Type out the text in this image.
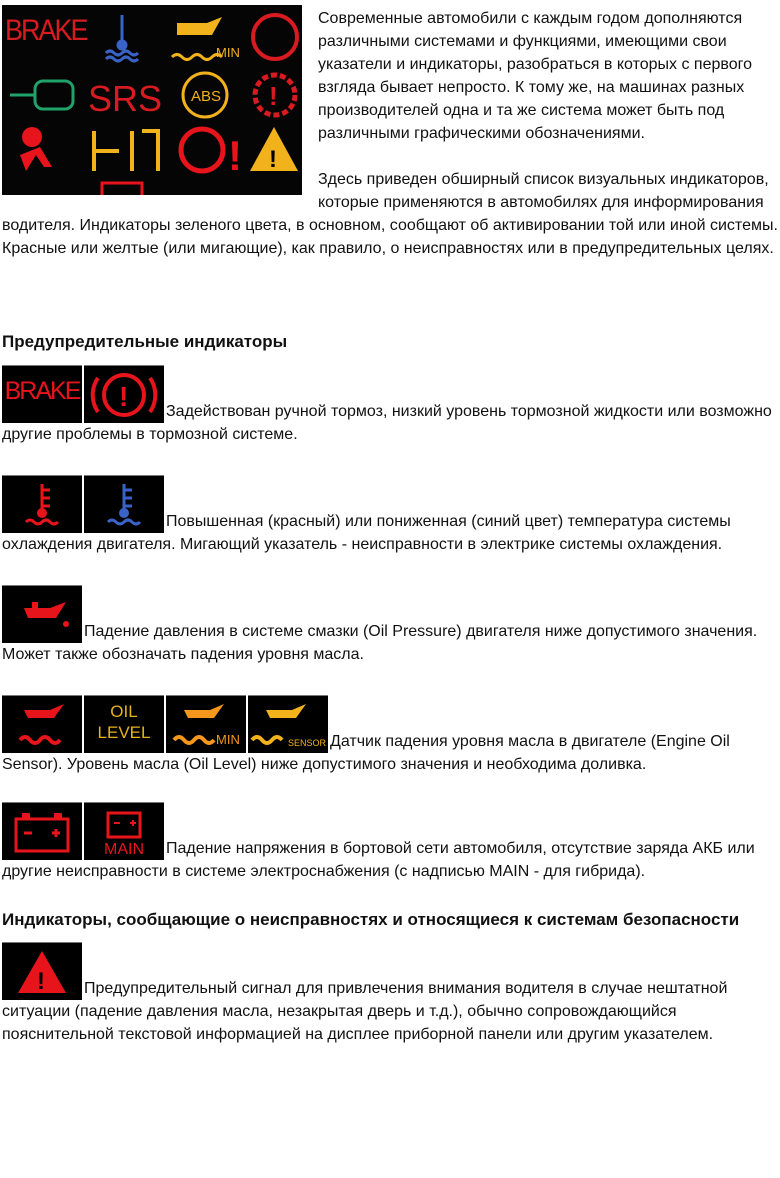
BRAKE
MIN
SRS ABS !
! !

Современные автомобили с каждым годом дополняются различными системами и функциями, имеющими свои указатели и индикаторы, разобраться в которых с первого взгляда бывает непросто. К тому же, на машинах разных производителей одна и та же система может быть под различными графическими обозначениями.

Здесь приведен обширный список визуальных индикаторов, которые применяются в автомобилях для информирования водителя. Индикаторы зеленого цвета, в основном, сообщают об активировании той или иной системы. Красные или желтые (или мигающие), как правило, о неисправностях или в предупредительных целях.

Предупредительные индикаторы
BRAKE ! Задействован ручной тормоз, низкий уровень тормозной жидкости или возможно другие проблемы в тормозной системе.
Повышенная (красный) или пониженная (синий цвет) температура системы охлаждения двигателя. Мигающий указатель - неисправности в электрике системы охлаждения.
Падение давления в системе смазки (Oil Pressure) двигателя ниже допустимого значения. Может также обозначать падения уровня масла.
OIL
LEVEL	MIN	SENSOR Датчик падения уровня масла в двигателе (Engine Oil Sensor). Уровень масла (Oil Level) ниже допустимого значения и необходима доливка.
MAIN	Падение напряжения в бортовой сети автомобиля, отсутствие заряда АКБ или другие неисправности в системе электроснабжения (с надписью MAIN - для гибрида).
Индикаторы, сообщающие о неисправностях и относящиеся к системам безопасности
! Предупредительный сигнал для привлечения внимания водителя в случае нештатной ситуации (падение давления масла, незакрытая дверь и т.д.), обычно сопровождающийся пояснительной текстовой информацией на дисплее приборной панели или другим указателем.
